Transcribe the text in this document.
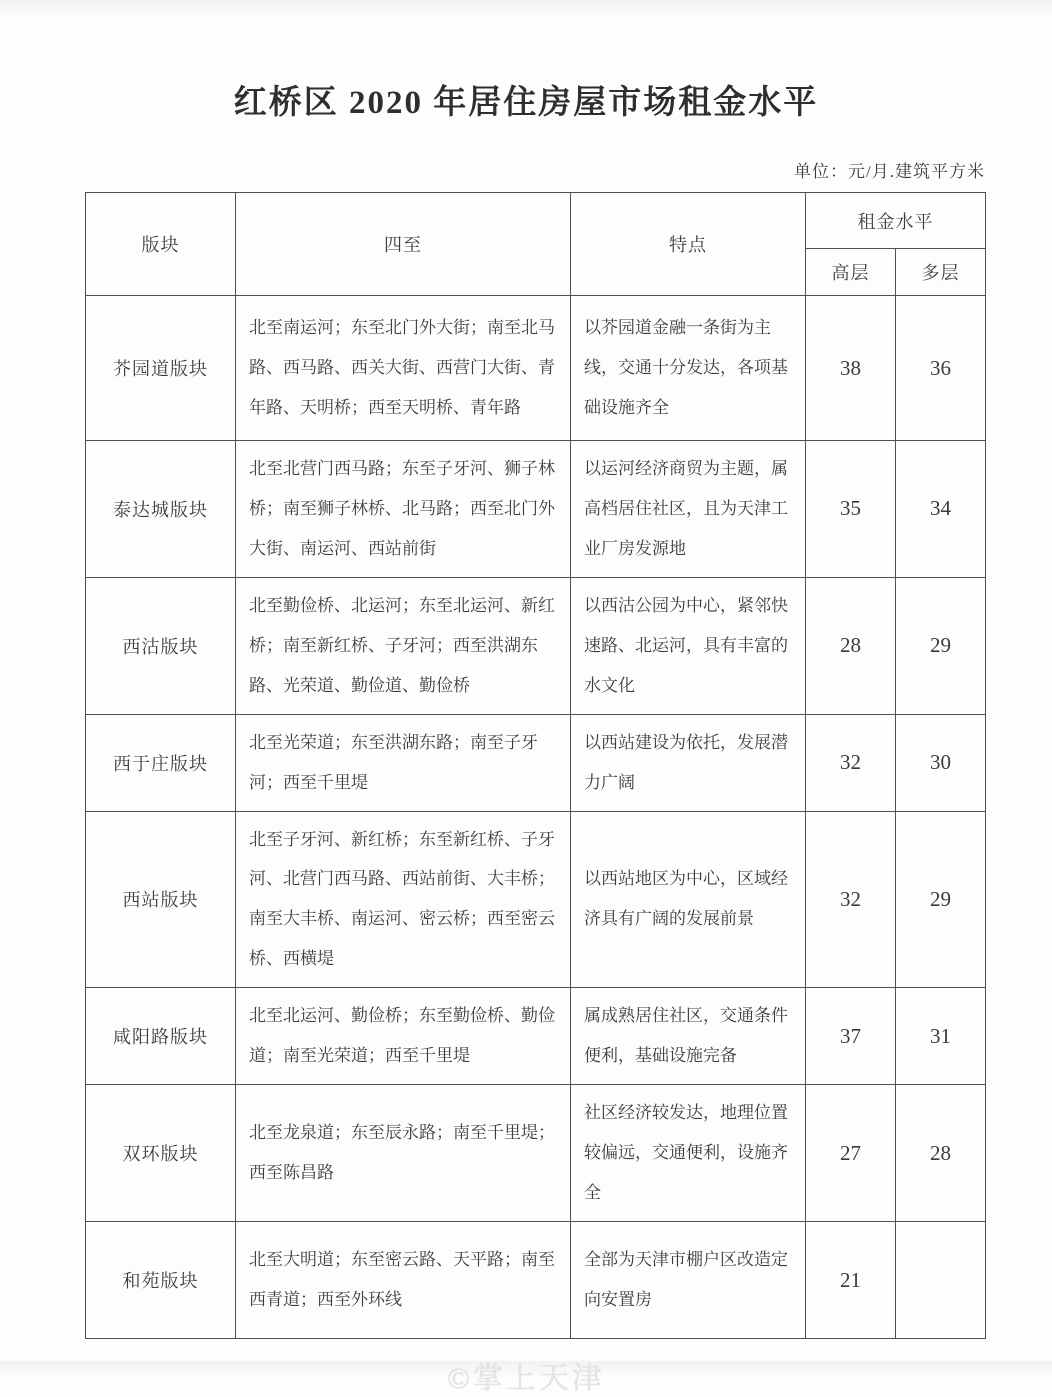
红桥区 2020 年居住房屋市场租金水平
单位：元/月.建筑平方米
版块	四至	特点	租金水平	
			高层	多层
芥园道版块	北至南运河；东至北门外大街；南至北马路、西马路、西关大街、西营门大街、青年路、天明桥；西至天明桥、青年路	以芥园道金融一条街为主线，交通十分发达，各项基础设施齐全	38	36
泰达城版块	北至北营门西马路；东至子牙河、狮子林桥；南至狮子林桥、北马路；西至北门外大街、南运河、西站前街	以运河经济商贸为主题，属高档居住社区，且为天津工业厂房发源地	35	34
西沽版块	北至勤俭桥、北运河；东至北运河、新红桥；南至新红桥、子牙河；西至洪湖东路、光荣道、勤俭道、勤俭桥	以西沽公园为中心，紧邻快速路、北运河，具有丰富的水文化	28	29
西于庄版块	北至光荣道；东至洪湖东路；南至子牙河；西至千里堤	以西站建设为依托，发展潜力广阔	32	30
西站版块	北至子牙河、新红桥；东至新红桥、子牙河、北营门西马路、西站前街、大丰桥；南至大丰桥、南运河、密云桥；西至密云桥、西横堤	以西站地区为中心，区域经济具有广阔的发展前景	32	29
咸阳路版块	北至北运河、勤俭桥；东至勤俭桥、勤俭道；南至光荣道；西至千里堤	属成熟居住社区，交通条件便利，基础设施完备	37	31
双环版块	北至龙泉道；东至辰永路；南至千里堤；西至陈昌路	社区经济较发达，地理位置较偏远，交通便利，设施齐全	27	28
和苑版块	北至大明道；东至密云路、天平路；南至西青道；西至外环线	全部为天津市棚户区改造定向安置房	21	
©掌上天津
